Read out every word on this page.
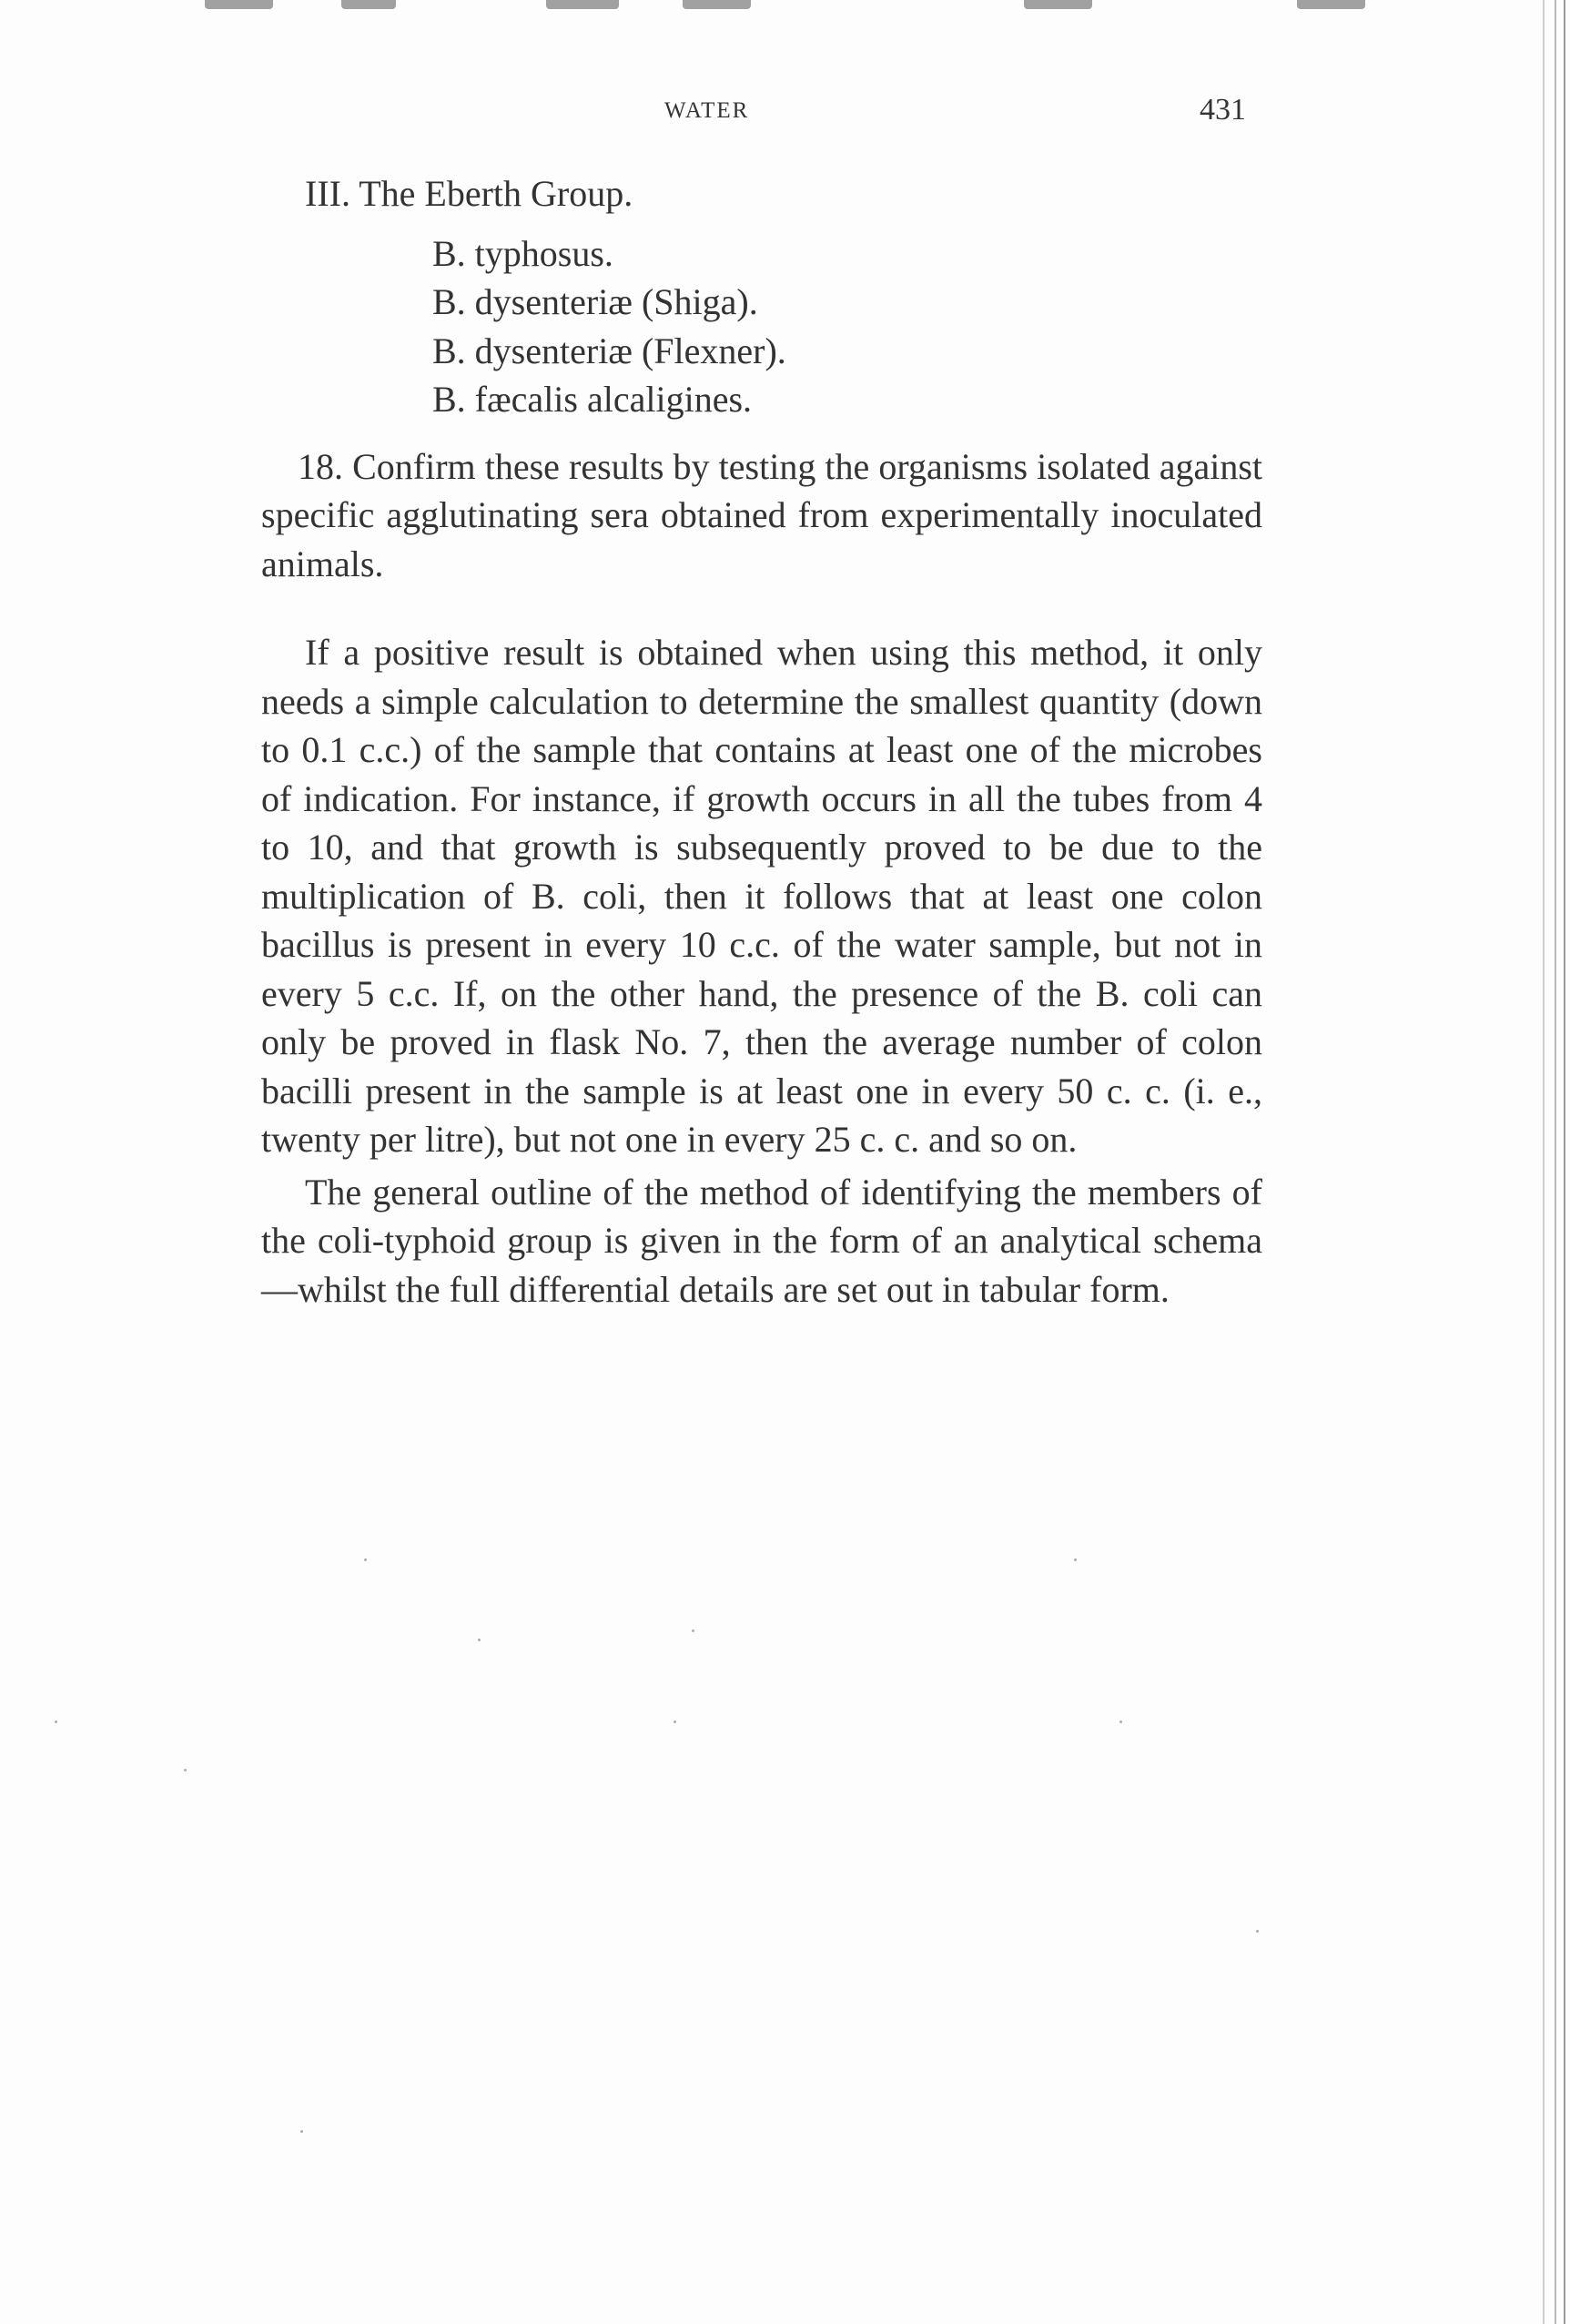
WATER	431
III. The Eberth Group.
B. typhosus.
B. dysenteriæ (Shiga).
B. dysenteriæ (Flexner).
B. fæcalis alcaligines.

18. Confirm these results by testing the organisms isolated against specific agglutinating sera obtained from experimentally inoculated animals.

If a positive result is obtained when using this method, it only needs a simple calculation to determine the smallest quantity (down to 0.1 c.c.) of the sample that contains at least one of the microbes of indication. For instance, if growth occurs in all the tubes from 4 to 10, and that growth is subsequently proved to be due to the multiplication of B. coli, then it follows that at least one colon bacillus is present in every 10 c.c. of the water sample, but not in every 5 c.c. If, on the other hand, the presence of the B. coli can only be proved in flask No. 7, then the average number of colon bacilli present in the sample is at least one in every 50 c. c. (i. e., twenty per litre), but not one in every 25 c. c. and so on.

The general outline of the method of identifying the members of the coli-typhoid group is given in the form of an analytical schema—whilst the full differential details are set out in tabular form.
